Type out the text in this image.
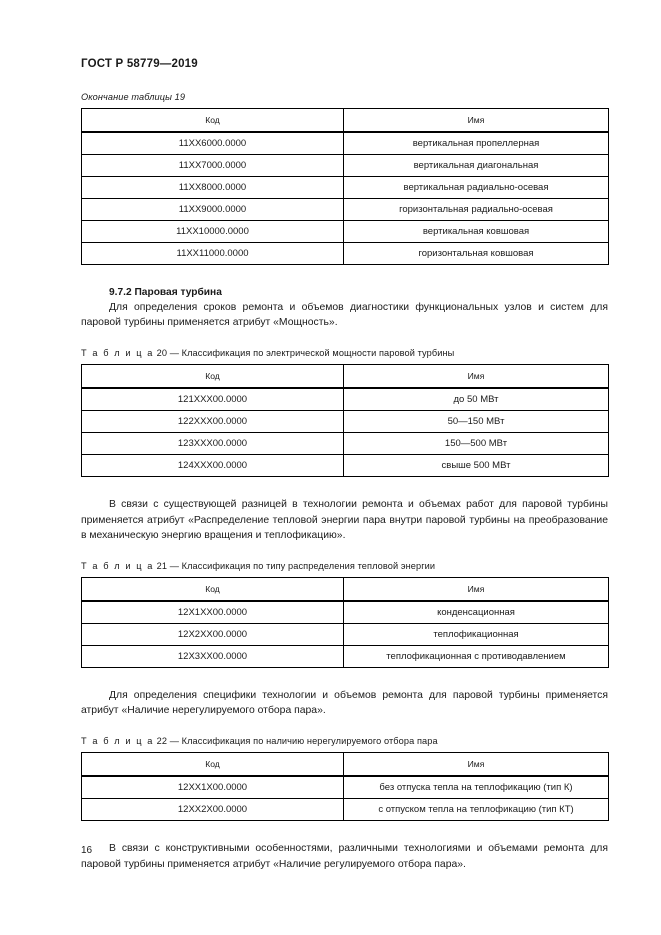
ГОСТ Р 58779—2019
Окончание таблицы 19
Код	Имя
11XX6000.0000	вертикальная пропеллерная
11XX7000.0000	вертикальная диагональная
11XX8000.0000	вертикальная радиально-осевая
11XX9000.0000	горизонтальная радиально-осевая
11XX10000.0000	вертикальная ковшовая
11XX11000.0000	горизонтальная ковшовая
9.7.2 Паровая турбина

Для определения сроков ремонта и объемов диагностики функциональных узлов и систем для паровой турбины применяется атрибут «Мощность».

Т а б л и ц а 20 — Классификация по электрической мощности паровой турбины
Код	Имя
121XXX00.0000	до 50 МВт
122XXX00.0000	50—150 МВт
123XXX00.0000	150—500 МВт
124XXX00.0000	свыше 500 МВт

В связи с существующей разницей в технологии ремонта и объемах работ для паровой турбины применяется атрибут «Распределение тепловой энергии пара внутри паровой турбины на преобразование в механическую энергию вращения и теплофикацию».

Т а б л и ц а 21 — Классификация по типу распределения тепловой энергии
Код	Имя
12X1XX00.0000	конденсационная
12X2XX00.0000	теплофикационная
12X3XX00.0000	теплофикационная с противодавлением

Для определения специфики технологии и объемов ремонта для паровой турбины применяется атрибут «Наличие нерегулируемого отбора пара».

Т а б л и ц а 22 — Классификация по наличию нерегулируемого отбора пара
Код	Имя
12XX1X00.0000	без отпуска тепла на теплофикацию (тип К)
12XX2X00.0000	с отпуском тепла на теплофикацию (тип КТ)

В связи с конструктивными особенностями, различными технологиями и объемами ремонта для паровой турбины применяется атрибут «Наличие регулируемого отбора пара».

16
